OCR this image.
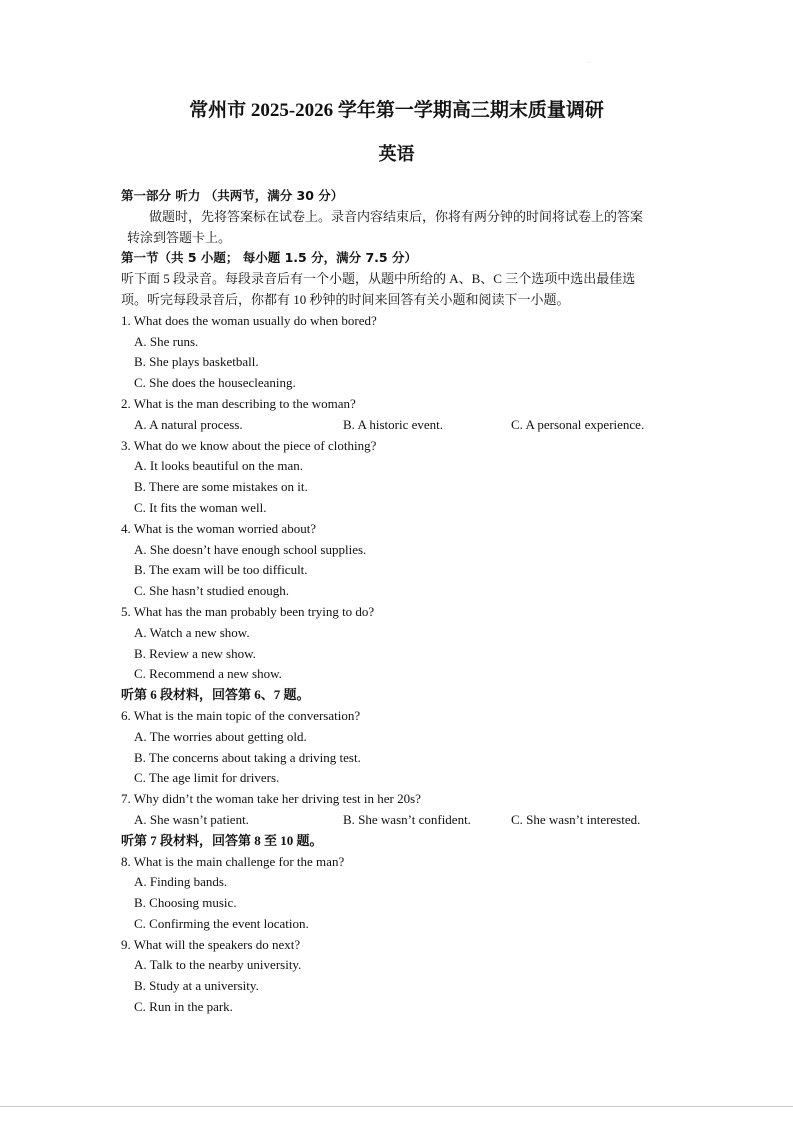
·
常州市 2025-2026 学年第一学期高三期末质量调研
英语
第一部分 听力 （共两节，满分 30 分）
做题时，先将答案标在试卷上。录音内容结束后，你将有两分钟的时间将试卷上的答案
转涂到答题卡上。
第一节（共 5 小题； 每小题 1.5 分，满分 7.5 分）
听下面 5 段录音。每段录音后有一个小题，从题中所给的 A、B、C 三个选项中选出最佳选
项。听完每段录音后，你都有 10 秒钟的时间来回答有关小题和阅读下一小题。
1. What does the woman usually do when bored?
A. She runs.
B. She plays basketball.
C. She does the housecleaning.
2. What is the man describing to the woman?
A. A natural process.	B. A historic event.	C. A personal experience.
3. What do we know about the piece of clothing?
A. It looks beautiful on the man.
B. There are some mistakes on it.
C. It fits the woman well.
4. What is the woman worried about?
A. She doesn’t have enough school supplies.
B. The exam will be too difficult.
C. She hasn’t studied enough.
5. What has the man probably been trying to do?
A. Watch a new show.
B. Review a new show.
C. Recommend a new show.
听第 6 段材料，回答第 6、7 题。
6. What is the main topic of the conversation?
A. The worries about getting old.
B. The concerns about taking a driving test.
C. The age limit for drivers.
7. Why didn’t the woman take her driving test in her 20s?
A. She wasn’t patient.	B. She wasn’t confident.	C. She wasn’t interested.
听第 7 段材料，回答第 8 至 10 题。
8. What is the main challenge for the man?
A. Finding bands.
B. Choosing music.
C. Confirming the event location.
9. What will the speakers do next?
A. Talk to the nearby university.
B. Study at a university.
C. Run in the park.
